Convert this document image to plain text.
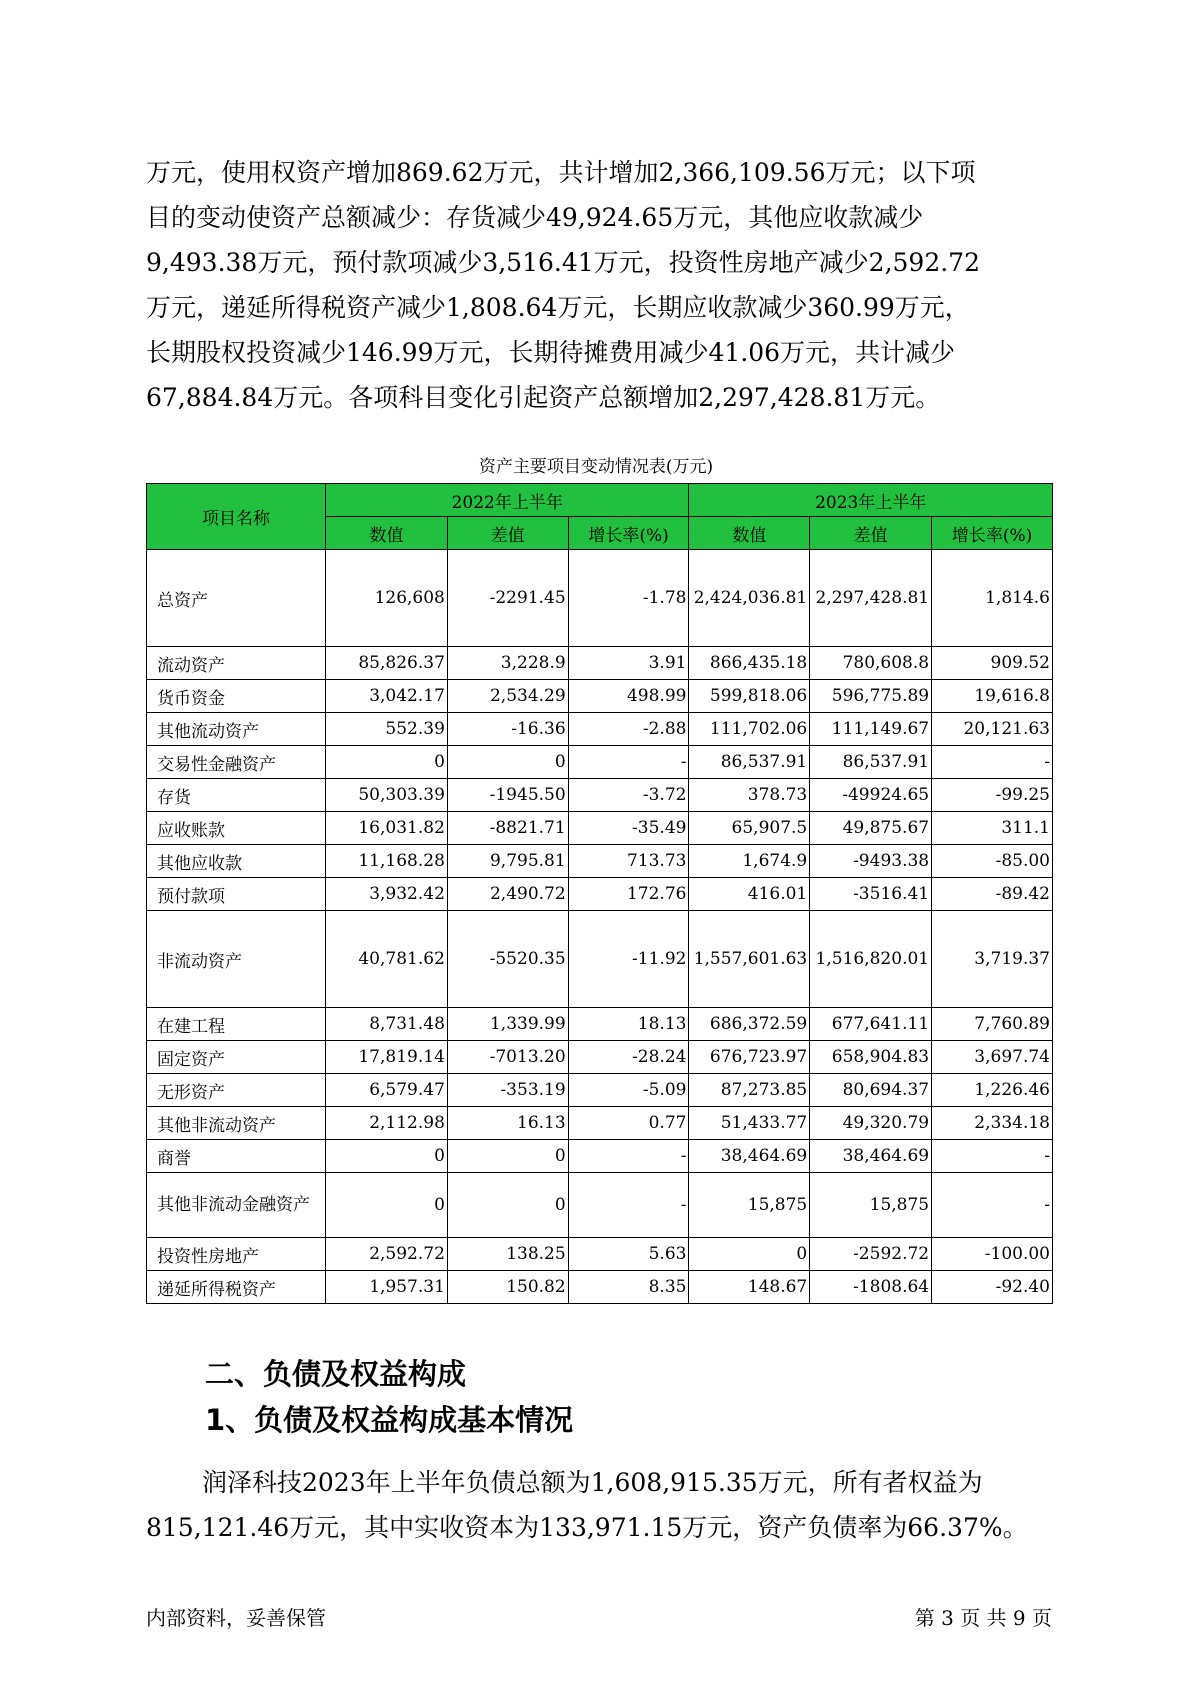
万元，使用权资产增加869.62万元，共计增加2,366,109.56万元；以下项
目的变动使资产总额减少：存货减少49,924.65万元，其他应收款减少
9,493.38万元，预付款项减少3,516.41万元，投资性房地产减少2,592.72
万元，递延所得税资产减少1,808.64万元，长期应收款减少360.99万元，
长期股权投资减少146.99万元，长期待摊费用减少41.06万元，共计减少
67,884.84万元。各项科目变化引起资产总额增加2,297,428.81万元。

资产主要项目变动情况表(万元)
项目名称	2022年上半年			2023年上半年		
	数值	差值	增长率(%)	数值	差值	增长率(%)
总资产	126,608	-2291.45	-1.78	2,424,036.81	2,297,428.81	1,814.6
流动资产	85,826.37	3,228.9	3.91	866,435.18	780,608.8	909.52
货币资金	3,042.17	2,534.29	498.99	599,818.06	596,775.89	19,616.8
其他流动资产	552.39	-16.36	-2.88	111,702.06	111,149.67	20,121.63
交易性金融资产	0	0	-	86,537.91	86,537.91	-
存货	50,303.39	-1945.50	-3.72	378.73	-49924.65	-99.25
应收账款	16,031.82	-8821.71	-35.49	65,907.5	49,875.67	311.1
其他应收款	11,168.28	9,795.81	713.73	1,674.9	-9493.38	-85.00
预付款项	3,932.42	2,490.72	172.76	416.01	-3516.41	-89.42
非流动资产	40,781.62	-5520.35	-11.92	1,557,601.63	1,516,820.01	3,719.37
在建工程	8,731.48	1,339.99	18.13	686,372.59	677,641.11	7,760.89
固定资产	17,819.14	-7013.20	-28.24	676,723.97	658,904.83	3,697.74
无形资产	6,579.47	-353.19	-5.09	87,273.85	80,694.37	1,226.46
其他非流动资产	2,112.98	16.13	0.77	51,433.77	49,320.79	2,334.18
商誉	0	0	-	38,464.69	38,464.69	-
其他非流动金融资产	0	0	-	15,875	15,875	-
投资性房地产	2,592.72	138.25	5.63	0	-2592.72	-100.00
递延所得税资产	1,957.31	150.82	8.35	148.67	-1808.64	-92.40
二、负债及权益构成
1、负债及权益构成基本情况

润泽科技2023年上半年负债总额为1,608,915.35万元，所有者权益为
815,121.46万元，其中实收资本为133,971.15万元，资产负债率为66.37%。

内部资料，妥善保管	第 3 页 共 9 页
